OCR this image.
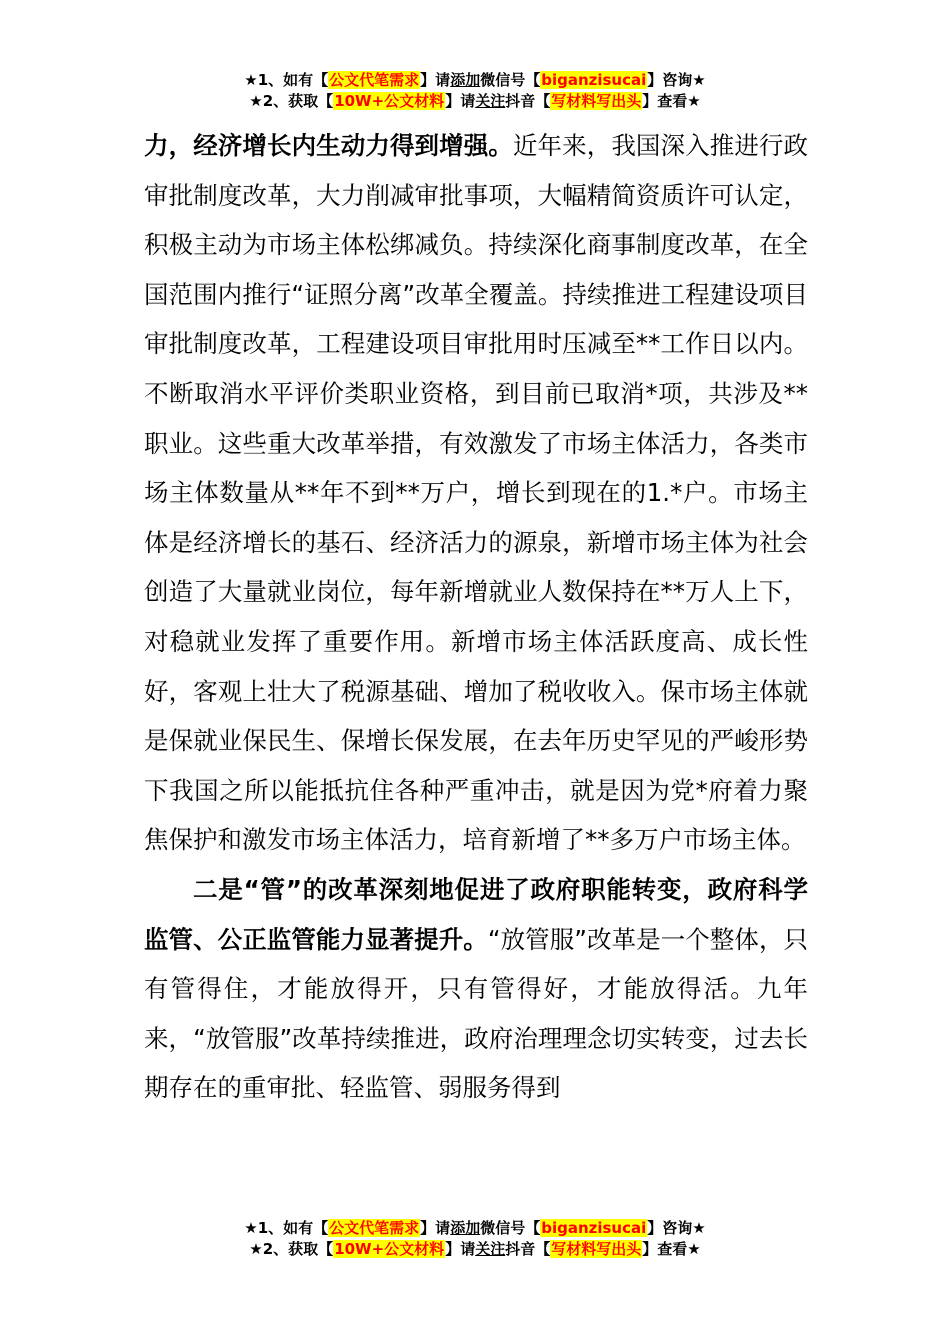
★1、如有【公文代笔需求】请添加微信号【biganzisucai】咨询★
★2、获取【10W+公文材料】请关注抖音【写材料写出头】查看★

力，经济增长内生动力得到增强。近年来，我国深入推进行政审批制度改革，大力削减审批事项，大幅精简资质许可认定，积极主动为市场主体松绑减负。持续深化商事制度改革，在全国范围内推行“证照分离”改革全覆盖。持续推进工程建设项目审批制度改革，工程建设项目审批用时压减至**工作日以内。不断取消水平评价类职业资格，到目前已取消*项，共涉及**职业。这些重大改革举措，有效激发了市场主体活力，各类市场主体数量从**年不到**万户，增长到现在的1.*户。市场主体是经济增长的基石、经济活力的源泉，新增市场主体为社会创造了大量就业岗位，每年新增就业人数保持在**万人上下，对稳就业发挥了重要作用。新增市场主体活跃度高、成长性好，客观上壮大了税源基础、增加了税收收入。保市场主体就是保就业保民生、保增长保发展，在去年历史罕见的严峻形势下我国之所以能抵抗住各种严重冲击，就是因为党*府着力聚焦保护和激发市场主体活力，培育新增了**多万户市场主体。

二是“管”的改革深刻地促进了政府职能转变，政府科学监管、公正监管能力显著提升。“放管服”改革是一个整体，只有管得住，才能放得开，只有管得好，才能放得活。九年来，“放管服”改革持续推进，政府治理理念切实转变，过去长期存在的重审批、轻监管、弱服务得到

★1、如有【公文代笔需求】请添加微信号【biganzisucai】咨询★
★2、获取【10W+公文材料】请关注抖音【写材料写出头】查看★
